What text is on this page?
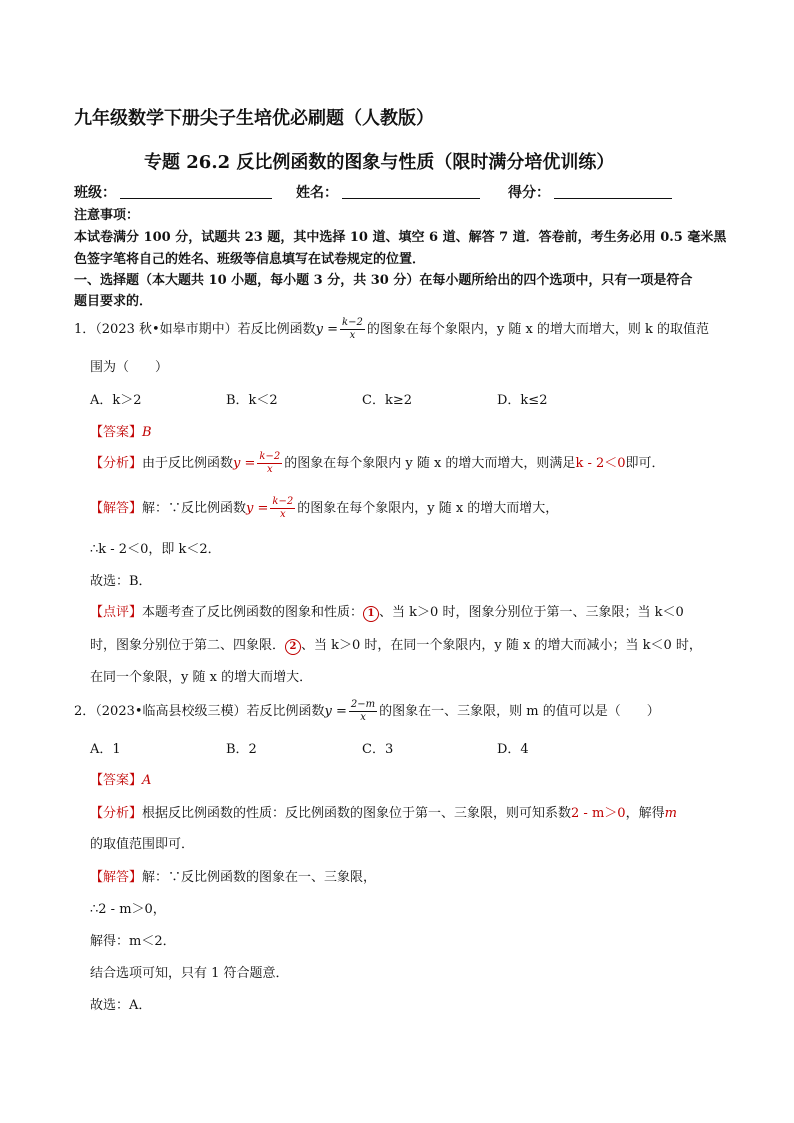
九年级数学下册尖子生培优必刷题（人教版）
专题 26.2 反比例函数的图象与性质（限时满分培优训练）
班级：	姓名：	得分：
注意事项：
本试卷满分 100 分，试题共 23 题，其中选择 10 道、填空 6 道、解答 7 道．答卷前，考生务必用 0.5 毫米黑
色签字笔将自己的姓名、班级等信息填写在试卷规定的位置．
一、选择题（本大题共 10 小题，每小题 3 分，共 30 分）在每小题所给出的四个选项中，只有一项是符合
题目要求的．
1．（2023 秋•如皋市期中）若反比例函数$y = \frac{k-2}{x}$ 的图象在每个象限内，y 随 x 的增大而增大，则 k 的取值范
围为（　　）
A．k＞2	B．k＜2	C．k≥2	D．k≤2
【答案】B
【分析】由于反比例函数$y = \frac{k-2}{x}$ 的图象在每个象限内 y 随 x 的增大而增大，则满足k - 2＜0即可．
【解答】解：∵反比例函数$y = \frac{k-2}{x}$ 的图象在每个象限内，y 随 x 的增大而增大，
∴k - 2＜0，即 k＜2．
故选：B．
【点评】本题考查了反比例函数的图象和性质： 1 、当 k＞0 时，图象分别位于第一、三象限；当 k＜0
时，图象分别位于第二、四象限． 2 、当 k＞0 时，在同一个象限内，y 随 x 的增大而减小；当 k＜0 时，
在同一个象限，y 随 x 的增大而增大．
2．（2023•临高县校级三模）若反比例函数$y = \frac{2-m}{x}$ 的图象在一、三象限，则 m 的值可以是（　　）
A．1	B．2	C．3	D．4
【答案】A
【分析】根据反比例函数的性质：反比例函数的图象位于第一、三象限，则可知系数2 - m＞0，解得m
的取值范围即可．
【解答】解：∵反比例函数的图象在一、三象限，
∴2 - m＞0，
解得：m＜2．
结合选项可知，只有 1 符合题意．
故选：A．
